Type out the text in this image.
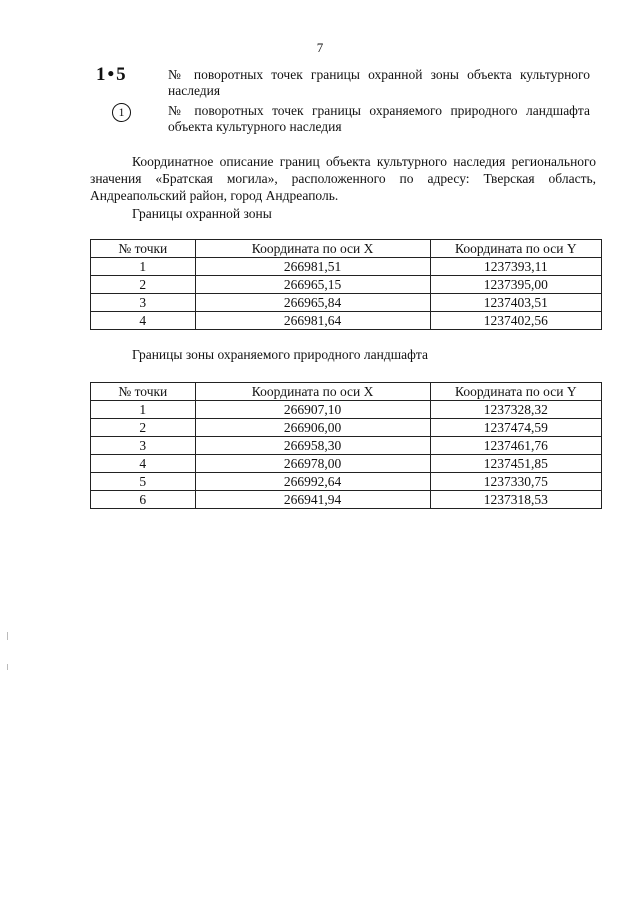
7
1•5	№ поворотных точек границы охранной зоны объекта культурного наследия
1	№ поворотных точек границы охраняемого природного ландшафта объекта культурного наследия
Координатное описание границ объекта культурного наследия регионального значения «Братская могила», расположенного по адресу: Тверская область, Андреапольский район, город Андреаполь.
Границы охранной зоны
№ точки	Координата по оси X	Координата по оси Y
1	266981,51	1237393,11
2	266965,15	1237395,00
3	266965,84	1237403,51
4	266981,64	1237402,56
Границы зоны охраняемого природного ландшафта
№ точки	Координата по оси X	Координата по оси Y
1	266907,10	1237328,32
2	266906,00	1237474,59
3	266958,30	1237461,76
4	266978,00	1237451,85
5	266992,64	1237330,75
6	266941,94	1237318,53
